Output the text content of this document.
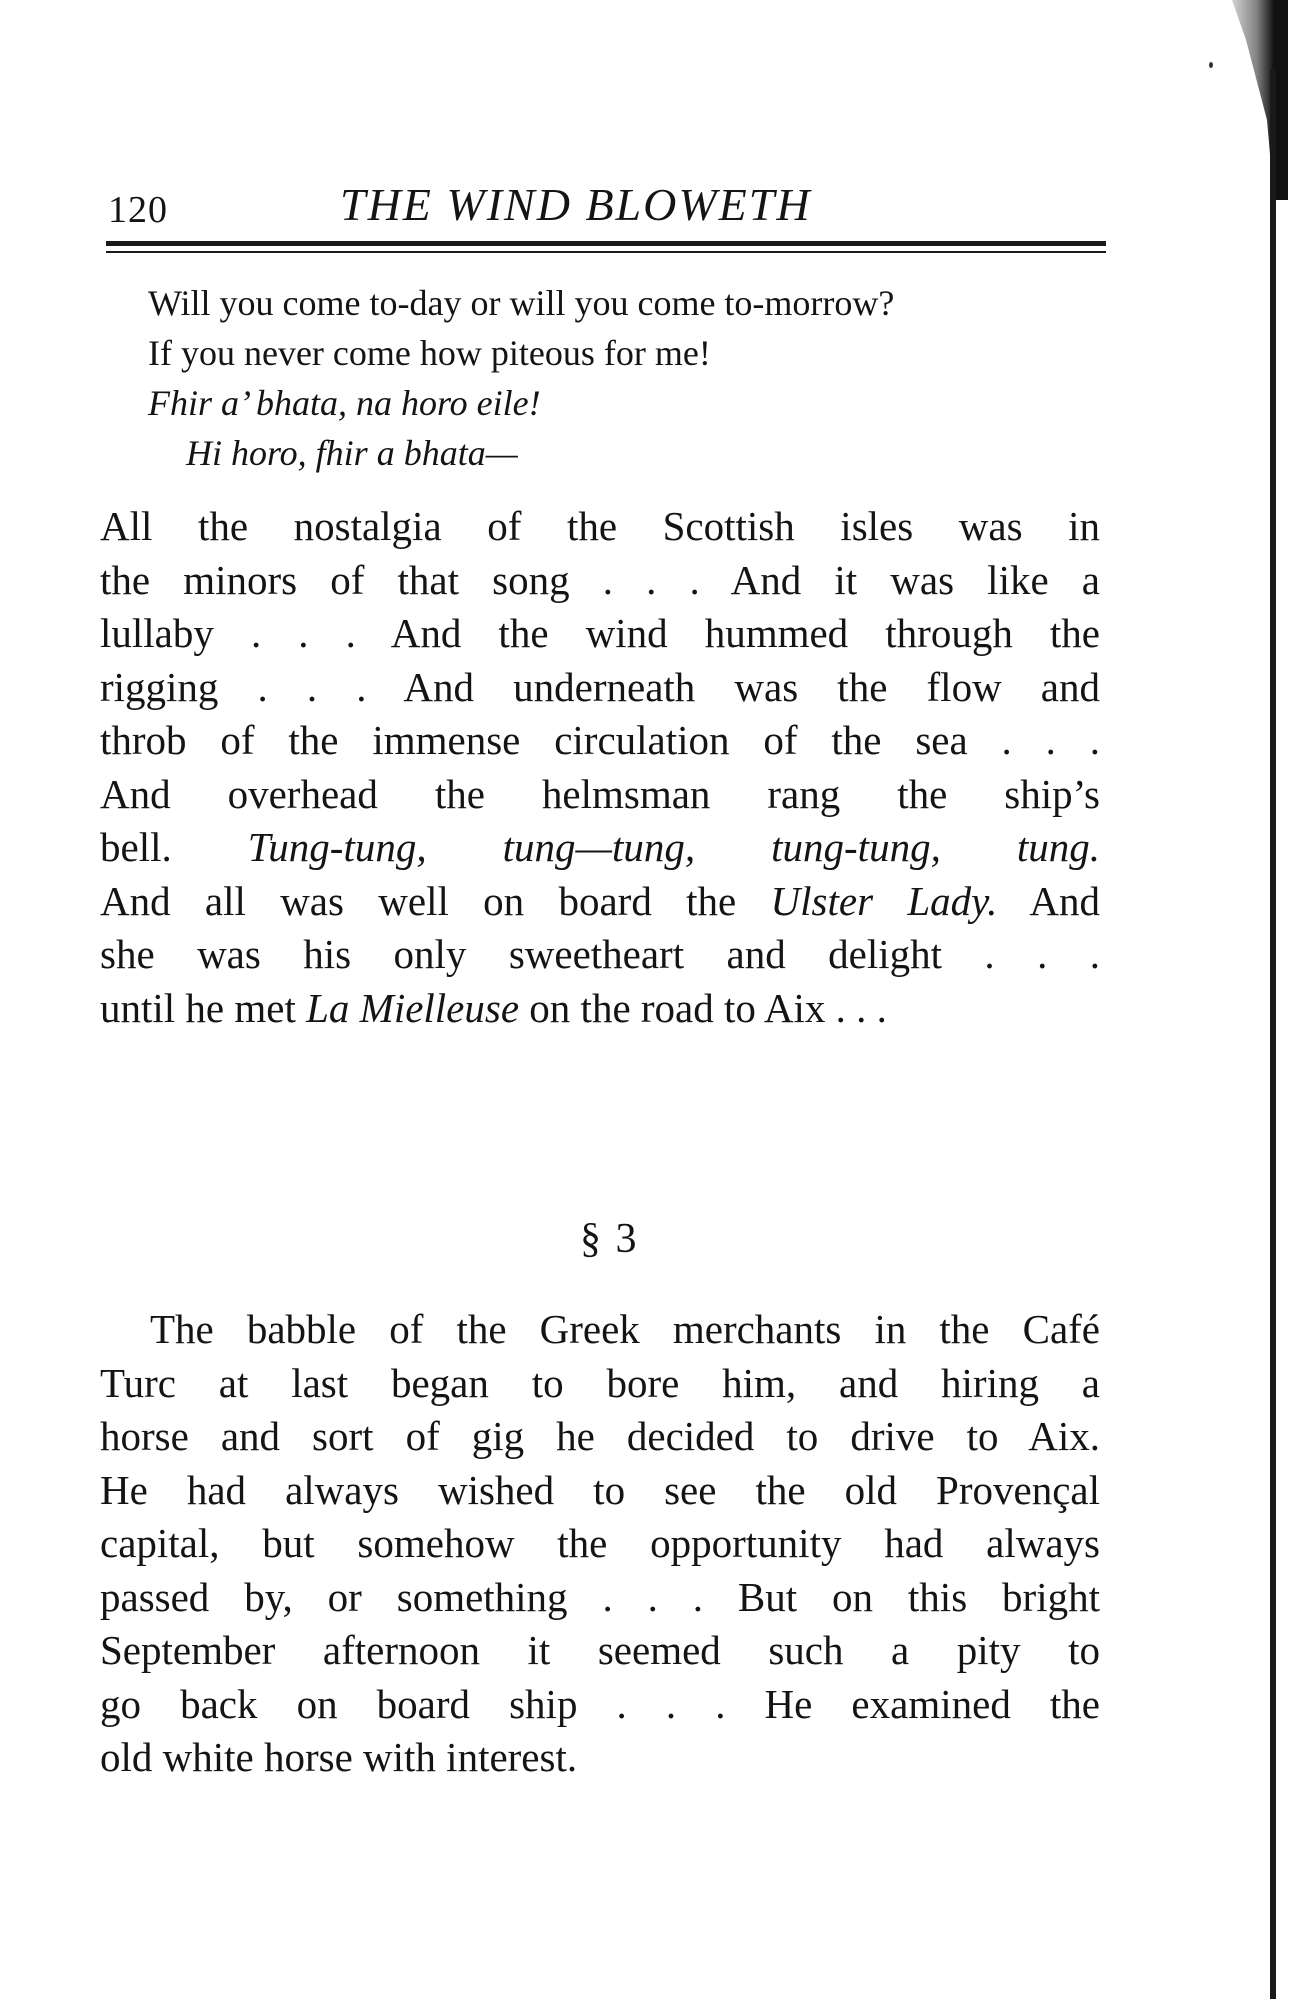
120	THE WIND BLOWETH
Will you come to-day or will you come to-morrow?
If you never come how piteous for me!
Fhir a’ bhata, na horo eile!
Hi horo, fhir a bhata—
All the nostalgia of the Scottish isles was in
the minors of that song . . . And it was like a
lullaby . . . And the wind hummed through the
rigging . . . And underneath was the flow and
throb of the immense circulation of the sea . . .
And overhead the helmsman rang the ship’s
bell. Tung-tung, tung—tung, tung-tung, tung.
And all was well on board the Ulster Lady. And
she was his only sweetheart and delight . . .
until he met La Mielleuse on the road to Aix . . .
§ 3
The babble of the Greek merchants in the Café
Turc at last began to bore him, and hiring a
horse and sort of gig he decided to drive to Aix.
He had always wished to see the old Provençal
capital, but somehow the opportunity had always
passed by, or something . . . But on this bright
September afternoon it seemed such a pity to
go back on board ship . . . He examined the
old white horse with interest.
